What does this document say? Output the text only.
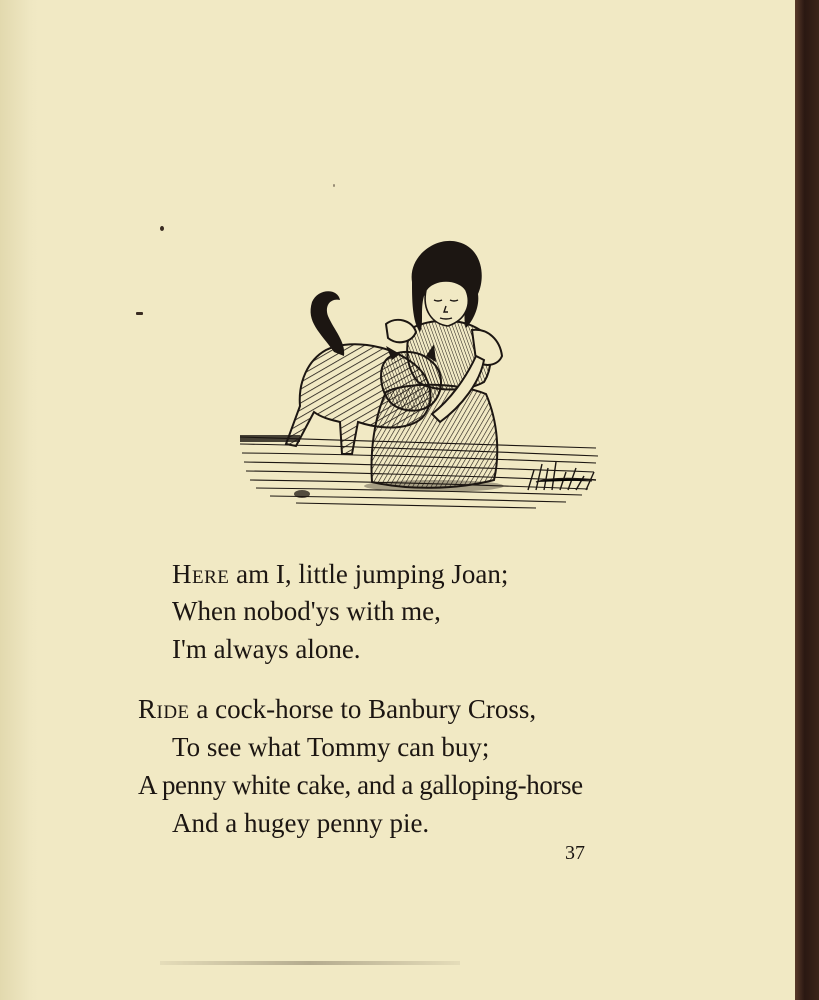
Here am I, little jumping Joan;
When nobod'ys with me,
I'm always alone.
Ride a cock-horse to Banbury Cross,
To see what Tommy can buy;
A penny white cake, and a galloping-horse
And a hugey penny pie.
37
